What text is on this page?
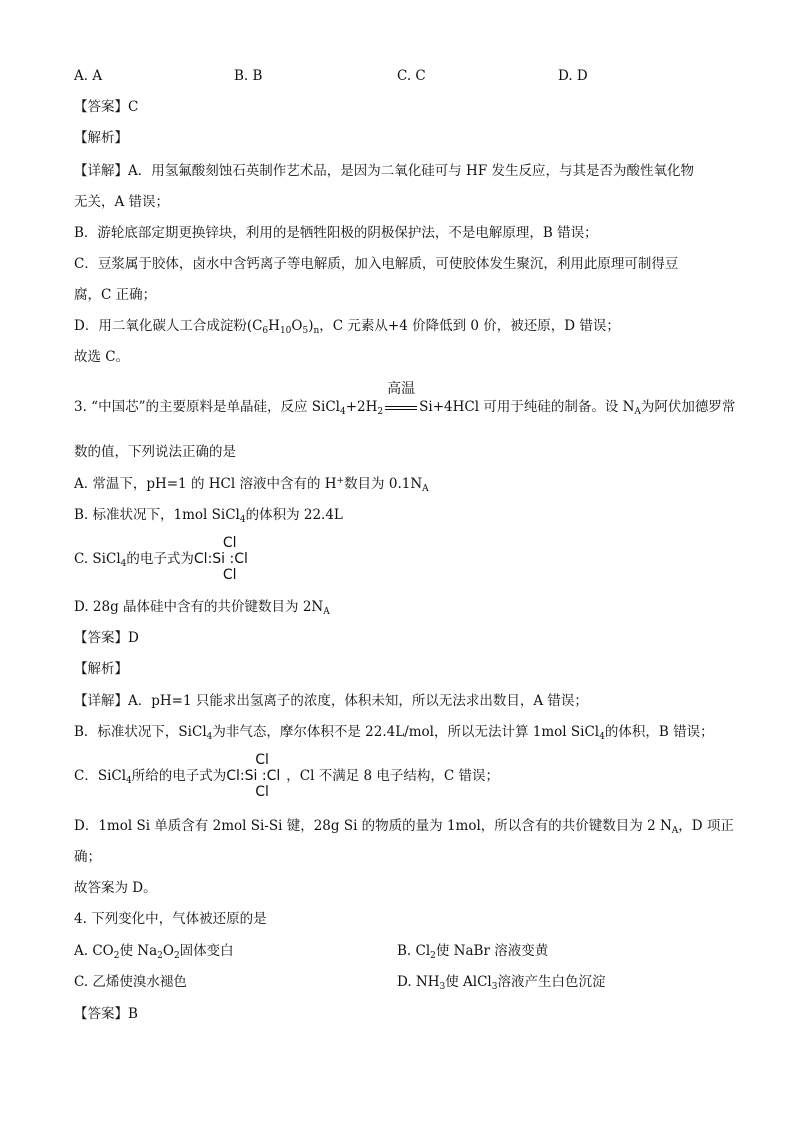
A. A	B. B	C. C	D. D
【答案】C
【解析】
【详解】A．用氢氟酸刻蚀石英制作艺术品，是因为二氧化硅可与 HF 发生反应，与其是否为酸性氧化物
无关，A 错误；
B．游轮底部定期更换锌块，利用的是牺牲阳极的阴极保护法，不是电解原理，B 错误；
C．豆浆属于胶体，卤水中含钙离子等电解质，加入电解质，可使胶体发生聚沉，利用此原理可制得豆
腐，C 正确；
D．用二氧化碳人工合成淀粉$(C_6H_{10}O_5)_n$，C 元素从+4 价降低到 0 价，被还原，D 错误；
故选 C。
3. “中国芯”的主要原料是单晶硅，反应 $SiCl_4+2H_2$
高温
Si+4HCl 可用于纯硅的制备。设 $N_A$为阿伏加德罗常
数的值，下列说法正确的是
A. 常温下，pH=1 的 HCl 溶液中含有的 H+数目为 $0.1N_A$
B. 标准状况下，1mol SiCl$_4$的体积为 22.4L
C. SiCl$_4$的电子式为
Cl
Cl:Si :Cl
Cl
D. 28g 晶体硅中含有的共价键数目为 $2N_A$
【答案】D
【解析】
【详解】A．pH=1 只能求出氢离子的浓度，体积未知，所以无法求出数目，A 错误；
B．标准状况下，SiCl$_4$为非气态，摩尔体积不是 22.4L/mol，所以无法计算 1mol SiCl$_4$的体积，B 错误；
C．SiCl$_4$所给的电子式为
Cl
Cl:Si :Cl
Cl
，Cl 不满足 8 电子结构，C 错误；
D．1mol Si 单质含有 2mol Si-Si 键，28g Si 的物质的量为 1mol，所以含有的共价键数目为 2 $N_A$，D 项正
确；
故答案为 D。
4. 下列变化中，气体被还原的是
A. $CO_2$使 $Na_2O_2$固体变白	B. $Cl_2$使 NaBr 溶液变黄
C. 乙烯使溴水褪色	D. $NH_3$使 AlCl$_3$溶液产生白色沉淀
【答案】B
